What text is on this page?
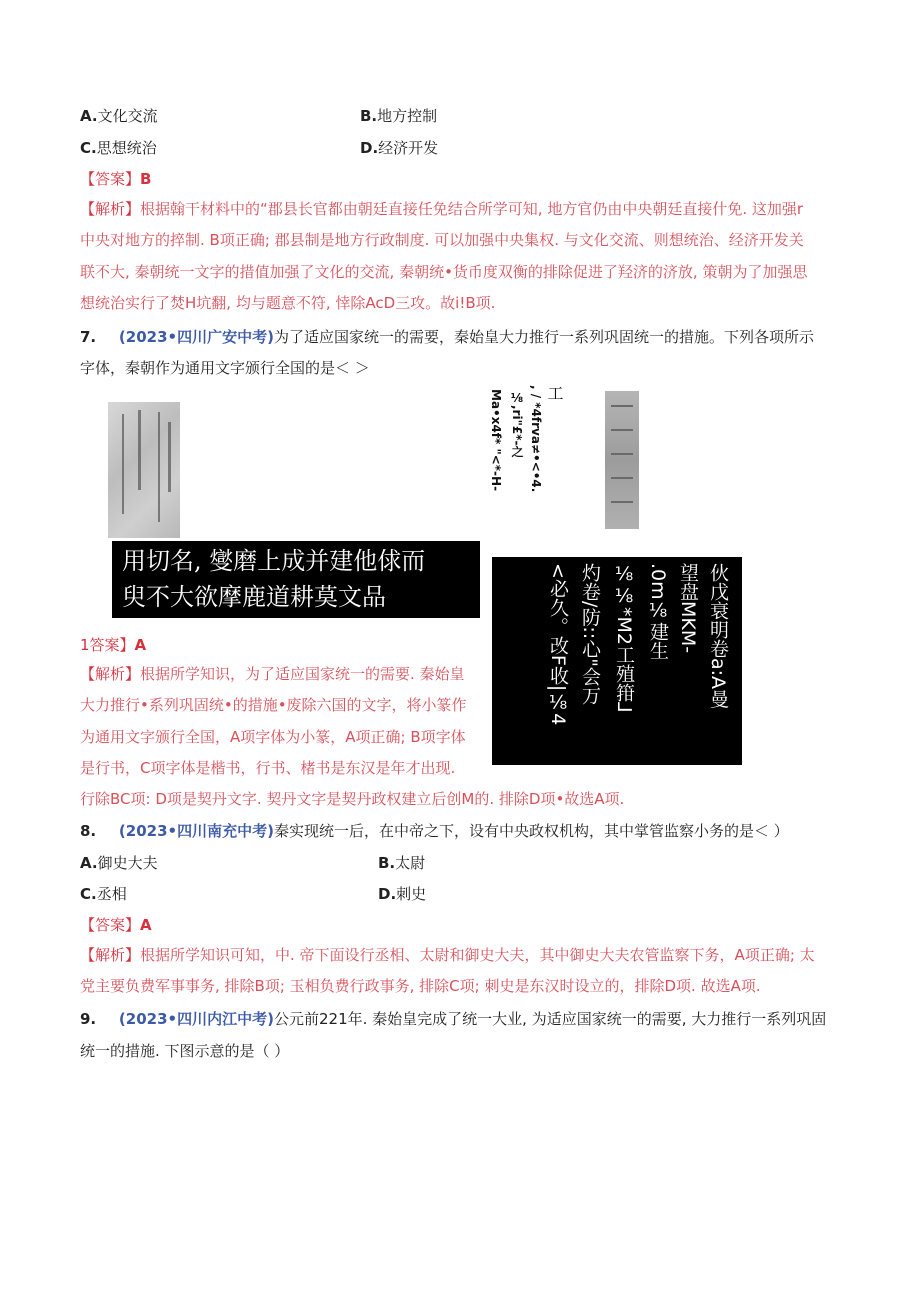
A.文化交流	B.地方控制
C.思想统治	D.经济开发
【答案】B
【解析】根据翰干材料中的“郡县长官都由朝廷直接任免结合所学可知, 地方官仍由中央朝廷直接什免. 这加强r
中央对地方的捽制. B项正确; 郡县制是地方行政制度. 可以加强中央集权. 与文化交流、则想统治、经济开发关
联不大, 秦朝统一文字的措值加强了文化的交流, 秦朝统•货币度双衡的排除促进了羟济的济放, 策朝为了加强思
想统治实行了焚H坑翻, 均与题意不符, 悻除AcD三攻。故i!B项.
7. (2023•四川广安中考)为了适应国家统一的需要，秦始皇大力推行一系列巩固统一的措施。下列各项所示
字体，秦朝作为通用文字颁行全国的是＜ ＞
工
, / *4frva≠•<•4.
⅛,ri"£*-之
Ma•x4f* "<*-H-
用切名, 燮磨上成并建他俅而
臾不大欲摩鹿道耕莫文品	伙戊衰明卷a:A曼
望盘MKM-
.0m⅛建生
⅛⅛*M2工殖箝⅃
灼卷/防::心"会万
<必久。改F收|⅛4
1答案】A
【解析】根据所学知识，为了适应国家统一的需要. 秦始皇
大力推行•系列巩固统•的措施•废除六国的文字，将小篆作
为通用文字颁行全国，A项字体为小篆，A项正确; B项字体
是行书，C项字体是楷书，行书、楮书是东汉是年才出现.
行除BC项: D项是契丹文字. 契丹文字是契丹政权建立后创M的. 排除D项•故选A项.
8. (2023•四川南充中考)秦实现统一后，在中帝之下，设有中央政权机构，其中掌管监察小务的是＜ ）
A.御史大夫	B.太尉
C.丞相	D.刺史
【答案】A
【解析】根据所学知识可知，中. 帝下面设行丞相、太尉和御史大夫，其中御史大夫农管监察下务，A项正确; 太
党主要负费军事事务, 排除B项; 玉相负费行政事务, 排除C项; 刺史是东汉时设立的，排除D项. 故选A项.
9. (2023•四川内江中考)公元前221年. 秦始皇完成了统一大业, 为适应国家统一的需要, 大力推行一系列巩固
统一的措施. 下图示意的是（ ）
